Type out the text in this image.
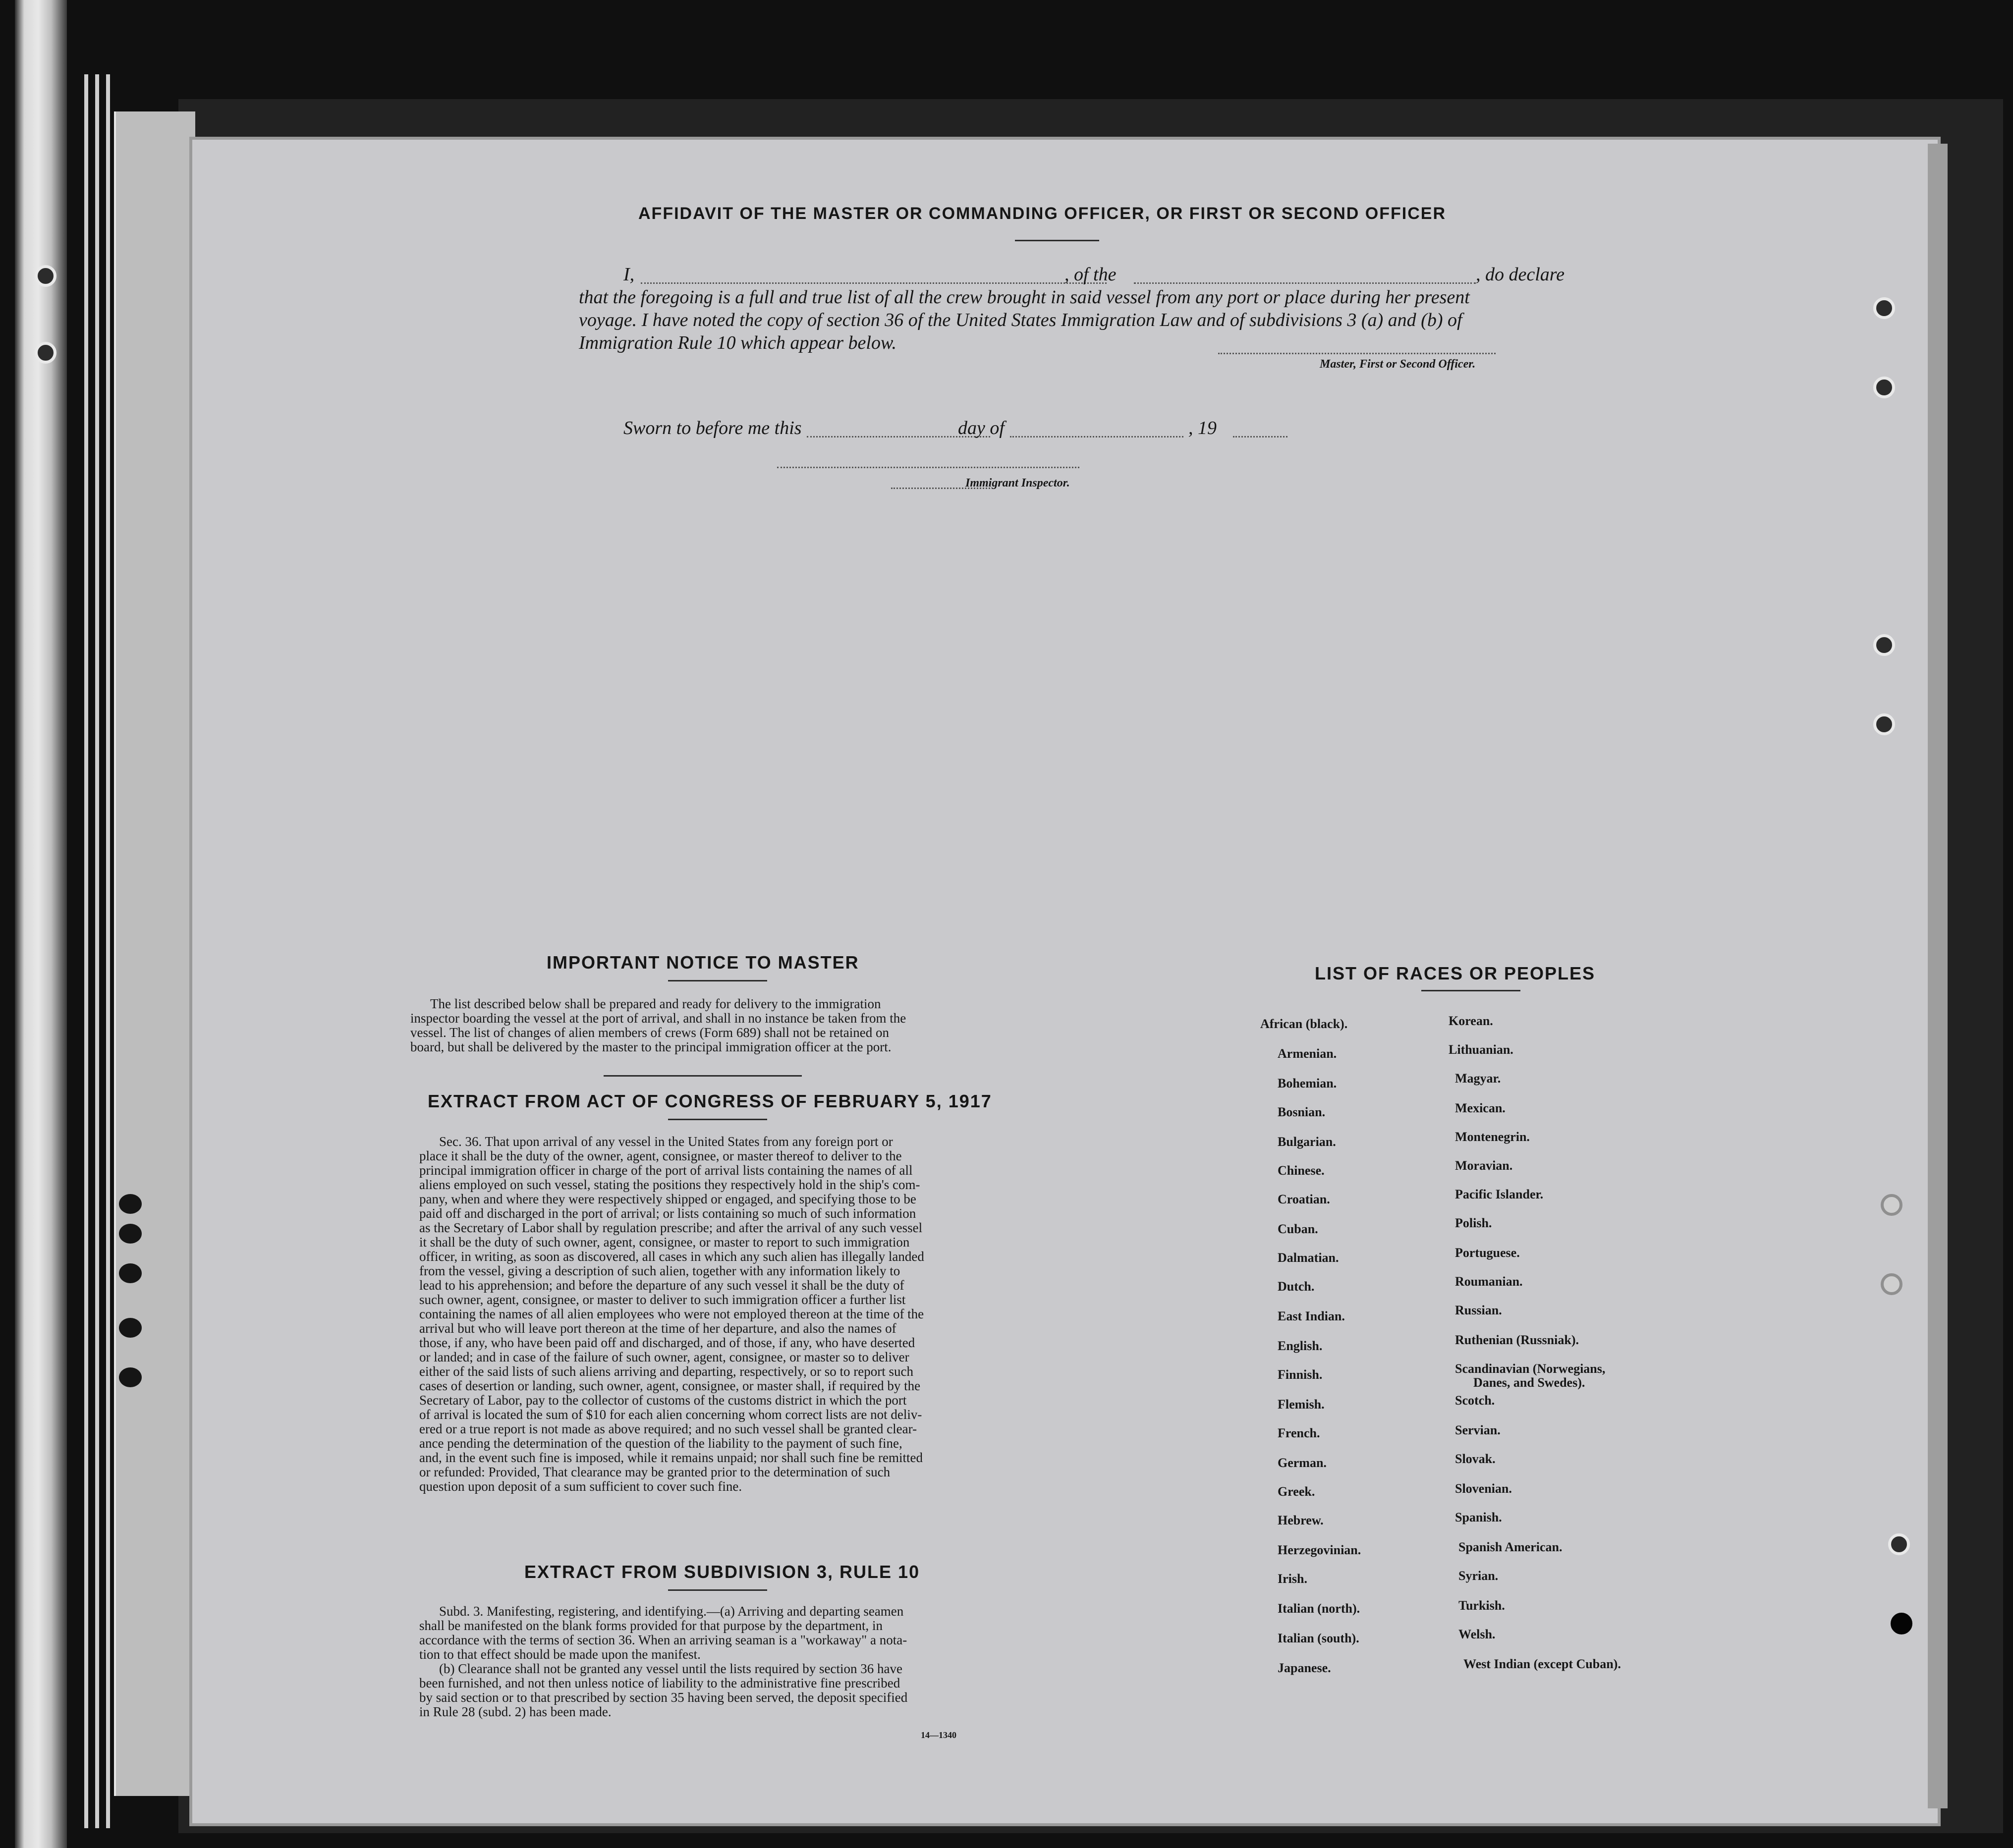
AFFIDAVIT OF THE MASTER OR COMMANDING OFFICER, OR FIRST OR SECOND OFFICER
I,	, of the	, do declare
that the foregoing is a full and true list of all the crew brought in said vessel from any port or place during her present
voyage. I have noted the copy of section 36 of the United States Immigration Law and of subdivisions 3 (a) and (b) of
Immigration Rule 10 which appear below.
Master, First or Second Officer.
Sworn to before me this	day of	, 19
Immigrant Inspector.
IMPORTANT NOTICE TO MASTER

The list described below shall be prepared and ready for delivery to the immigration

inspector boarding the vessel at the port of arrival, and shall in no instance be taken from the

vessel. The list of changes of alien members of crews (Form 689) shall not be retained on

board, but shall be delivered by the master to the principal immigration officer at the port.

EXTRACT FROM ACT OF CONGRESS OF FEBRUARY 5, 1917

Sec. 36. That upon arrival of any vessel in the United States from any foreign port or

place it shall be the duty of the owner, agent, consignee, or master thereof to deliver to the

principal immigration officer in charge of the port of arrival lists containing the names of all

aliens employed on such vessel, stating the positions they respectively hold in the ship's com-

pany, when and where they were respectively shipped or engaged, and specifying those to be

paid off and discharged in the port of arrival; or lists containing so much of such information

as the Secretary of Labor shall by regulation prescribe; and after the arrival of any such vessel

it shall be the duty of such owner, agent, consignee, or master to report to such immigration

officer, in writing, as soon as discovered, all cases in which any such alien has illegally landed

from the vessel, giving a description of such alien, together with any information likely to

lead to his apprehension; and before the departure of any such vessel it shall be the duty of

such owner, agent, consignee, or master to deliver to such immigration officer a further list

containing the names of all alien employees who were not employed thereon at the time of the

arrival but who will leave port thereon at the time of her departure, and also the names of

those, if any, who have been paid off and discharged, and of those, if any, who have deserted

or landed; and in case of the failure of such owner, agent, consignee, or master so to deliver

either of the said lists of such aliens arriving and departing, respectively, or so to report such

cases of desertion or landing, such owner, agent, consignee, or master shall, if required by the

Secretary of Labor, pay to the collector of customs of the customs district in which the port

of arrival is located the sum of $10 for each alien concerning whom correct lists are not deliv-

ered or a true report is not made as above required; and no such vessel shall be granted clear-

ance pending the determination of the question of the liability to the payment of such fine,

and, in the event such fine is imposed, while it remains unpaid; nor shall such fine be remitted

or refunded: Provided, That clearance may be granted prior to the determination of such

question upon deposit of a sum sufficient to cover such fine.

EXTRACT FROM SUBDIVISION 3, RULE 10

Subd. 3. Manifesting, registering, and identifying.—(a) Arriving and departing seamen

shall be manifested on the blank forms provided for that purpose by the department, in

accordance with the terms of section 36. When an arriving seaman is a "workaway" a nota-

tion to that effect should be made upon the manifest.

(b) Clearance shall not be granted any vessel until the lists required by section 36 have

been furnished, and not then unless notice of liability to the administrative fine prescribed

by said section or to that prescribed by section 35 having been served, the deposit specified

in Rule 28 (subd. 2) has been made.

14—1340
LIST OF RACES OR PEOPLES
African (black).
Armenian.
Bohemian.
Bosnian.
Bulgarian.
Chinese.
Croatian.
Cuban.
Dalmatian.
Dutch.
East Indian.
English.
Finnish.
Flemish.
French.
German.
Greek.
Hebrew.
Herzegovinian.
Irish.
Italian (north).
Italian (south).
Japanese.
Korean.
Lithuanian.
Magyar.
Mexican.
Montenegrin.
Moravian.
Pacific Islander.
Polish.
Portuguese.
Roumanian.
Russian.
Ruthenian (Russniak).
Scandinavian (Norwegians,
Danes, and Swedes).
Scotch.
Servian.
Slovak.
Slovenian.
Spanish.
Spanish American.
Syrian.
Turkish.
Welsh.
West Indian (except Cuban).
